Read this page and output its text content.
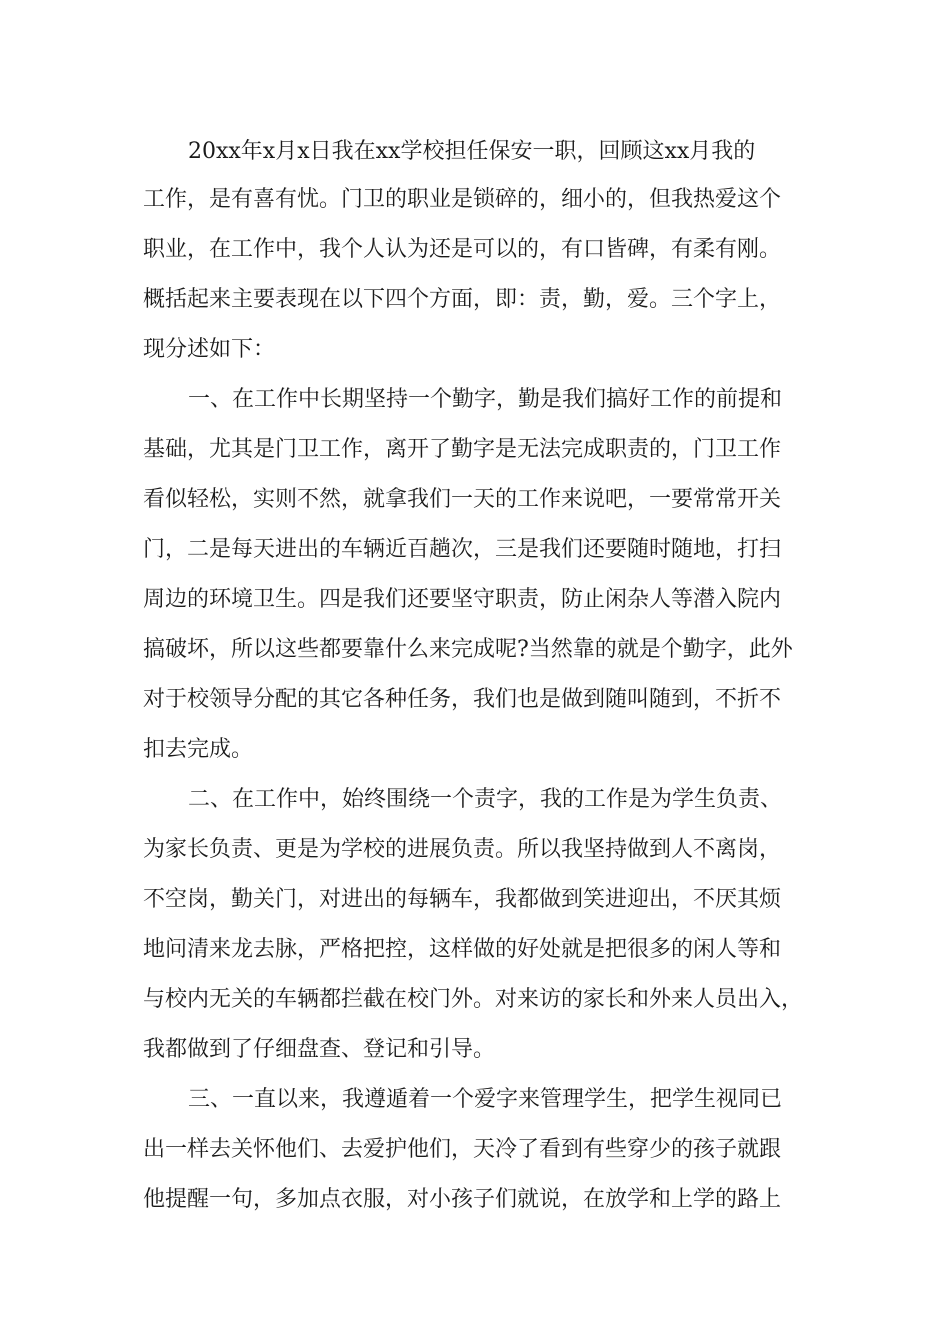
20xx年x月x日我在xx学校担任保安一职，回顾这xx月我的

工作，是有喜有忧。门卫的职业是锁碎的，细小的，但我热爱这个

职业，在工作中，我个人认为还是可以的，有口皆碑，有柔有刚。

概括起来主要表现在以下四个方面，即：责，勤，爱。三个字上，

现分述如下：

一、在工作中长期坚持一个勤字，勤是我们搞好工作的前提和

基础，尤其是门卫工作，离开了勤字是无法完成职责的，门卫工作

看似轻松，实则不然，就拿我们一天的工作来说吧，一要常常开关

门，二是每天进出的车辆近百趟次，三是我们还要随时随地，打扫

周边的环境卫生。四是我们还要坚守职责，防止闲杂人等潜入院内

搞破坏，所以这些都要靠什么来完成呢?当然靠的就是个勤字，此外

对于校领导分配的其它各种任务，我们也是做到随叫随到，不折不

扣去完成。

二、在工作中，始终围绕一个责字，我的工作是为学生负责、

为家长负责、更是为学校的进展负责。所以我坚持做到人不离岗，

不空岗，勤关门，对进出的每辆车，我都做到笑进迎出，不厌其烦

地问清来龙去脉，严格把控，这样做的好处就是把很多的闲人等和

与校内无关的车辆都拦截在校门外。对来访的家长和外来人员出入，

我都做到了仔细盘查、登记和引导。

三、一直以来，我遵遁着一个爱字来管理学生，把学生视同已

出一样去关怀他们、去爱护他们，天冷了看到有些穿少的孩子就跟

他提醒一句，多加点衣服，对小孩子们就说，在放学和上学的路上
